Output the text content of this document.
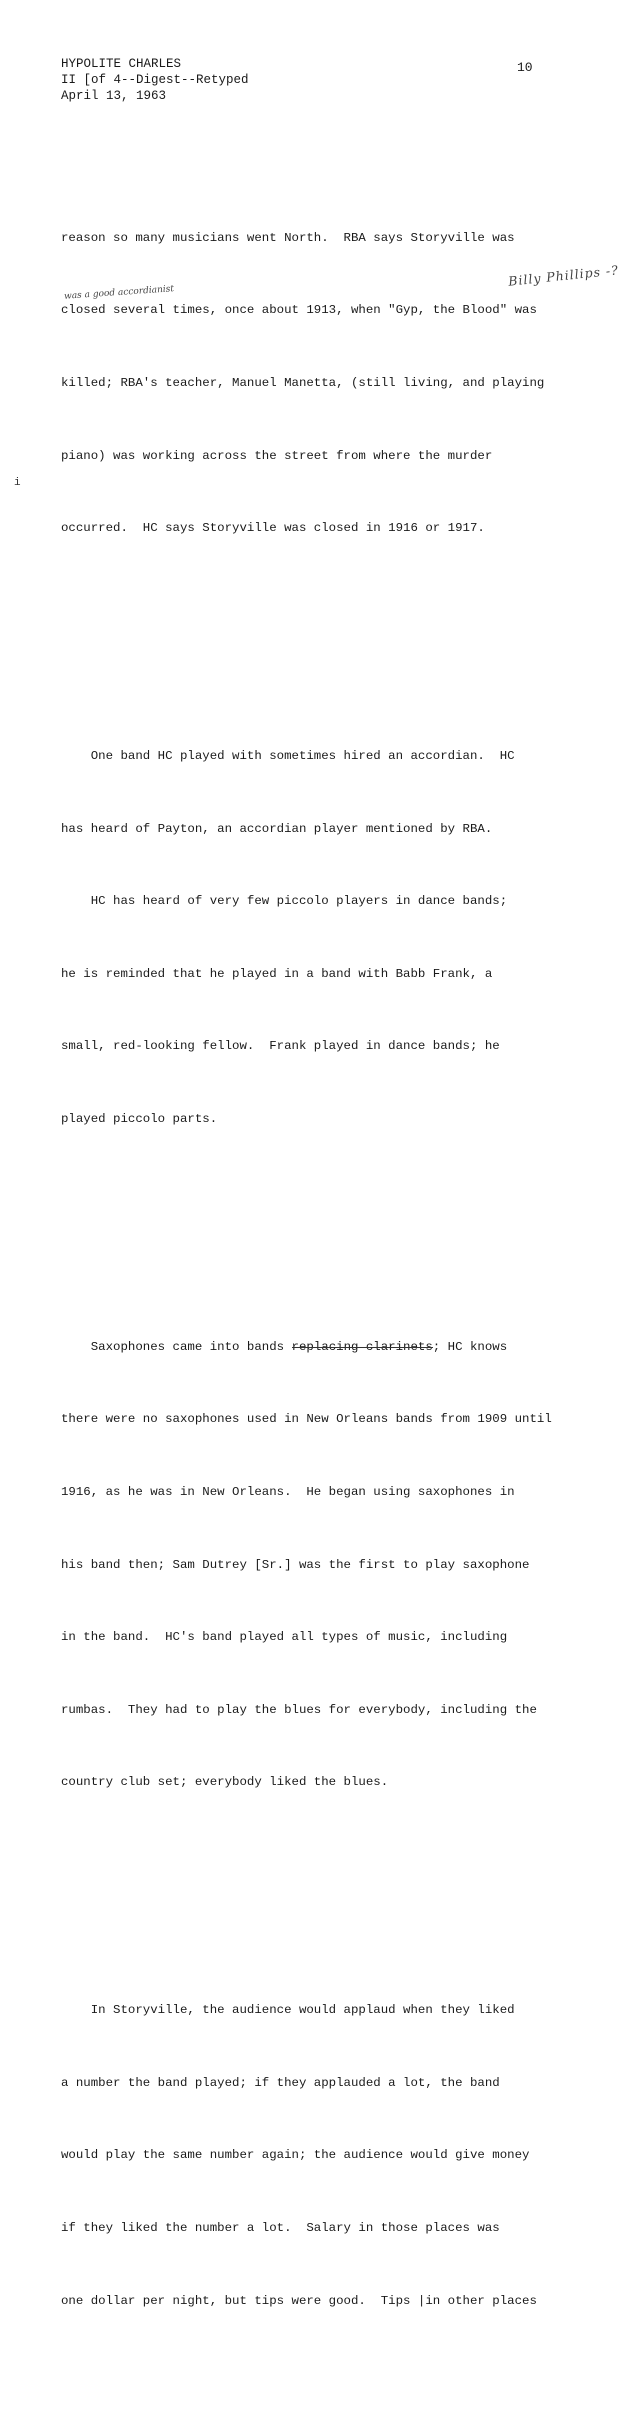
HYPOLITE CHARLES
II [of 4--Digest--Retyped
April 13, 1963
10

reason so many musicians went North.  RBA says Storyville was

closed several times, once about 1913, when "Gyp, the Blood" was

killed; RBA's teacher, Manuel Manetta, (still living, and playing

piano) was working across the street from where the murder

occurred.  HC says Storyville was closed in 1916 or 1917.

One band HC played with sometimes hired an accordian.  HC

has heard of Payton, an accordian player mentioned by RBA.

HC has heard of very few piccolo players in dance bands;

he is reminded that he played in a band with Babb Frank, a

small, red-looking fellow.  Frank played in dance bands; he

played piccolo parts.

Saxophones came into bands replacing clarinets; HC knows

there were no saxophones used in New Orleans bands from 1909 until

1916, as he was in New Orleans.  He began using saxophones in

his band then; Sam Dutrey [Sr.] was the first to play saxophone

in the band.  HC's band played all types of music, including

rumbas.  They had to play the blues for everybody, including the

country club set; everybody liked the blues.

In Storyville, the audience would applaud when they liked

a number the band played; if they applauded a lot, the band

would play the same number again; the audience would give money

if they liked the number a lot.  Salary in those places was

one dollar per night, but tips were good.  Tips |in other places

Billy Phillips -?
was a good accordianist
i
